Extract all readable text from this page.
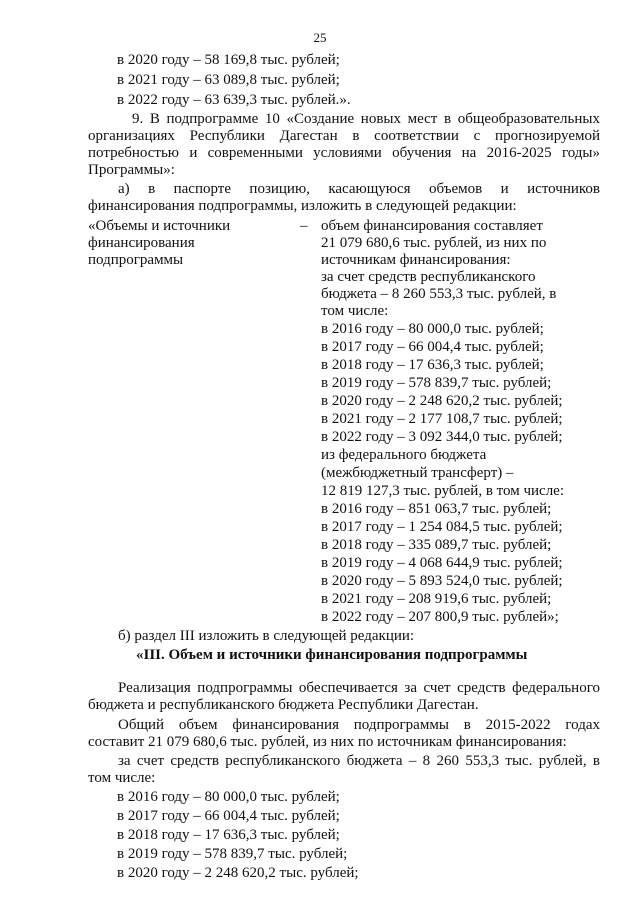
25
в 2020 году – 58 169,8 тыс. рублей;
в 2021 году – 63 089,8 тыс. рублей;
в 2022 году – 63 639,3 тыс. рублей.».
9. В подпрограмме 10 «Создание новых мест в общеобразовательных
организациях Республики Дагестан в соответствии с прогнозируемой
потребностью и современными условиями обучения на 2016-2025 годы»
Программы»:
а) в паспорте позицию, касающуюся объемов и источников
финансирования подпрограммы, изложить в следующей редакции:
«Объемы и источники
финансирования
подпрограммы
– объем финансирования составляет
21 079 680,6 тыс. рублей, из них по
источникам финансирования:
за счет средств республиканского
бюджета – 8 260 553,3 тыс. рублей, в
том числе:
в 2016 году – 80 000,0 тыс. рублей;
в 2017 году – 66 004,4 тыс. рублей;
в 2018 году – 17 636,3 тыс. рублей;
в 2019 году – 578 839,7 тыс. рублей;
в 2020 году – 2 248 620,2 тыс. рублей;
в 2021 году – 2 177 108,7 тыс. рублей;
в 2022 году – 3 092 344,0 тыс. рублей;
из федерального бюджета
(межбюджетный трансферт) –
12 819 127,3 тыс. рублей, в том числе:
в 2016 году – 851 063,7 тыс. рублей;
в 2017 году – 1 254 084,5 тыс. рублей;
в 2018 году – 335 089,7 тыс. рублей;
в 2019 году – 4 068 644,9 тыс. рублей;
в 2020 году – 5 893 524,0 тыс. рублей;
в 2021 году – 208 919,6 тыс. рублей;
в 2022 году – 207 800,9 тыс. рублей»;
б) раздел III изложить в следующей редакции:
«III. Объем и источники финансирования подпрограммы
Реализация подпрограммы обеспечивается за счет средств федерального
бюджета и республиканского бюджета Республики Дагестан.
Общий объем финансирования подпрограммы в 2015-2022 годах
составит 21 079 680,6 тыс. рублей, из них по источникам финансирования:
за счет средств республиканского бюджета – 8 260 553,3 тыс. рублей, в
том числе:
в 2016 году – 80 000,0 тыс. рублей;
в 2017 году – 66 004,4 тыс. рублей;
в 2018 году – 17 636,3 тыс. рублей;
в 2019 году – 578 839,7 тыс. рублей;
в 2020 году – 2 248 620,2 тыс. рублей;
